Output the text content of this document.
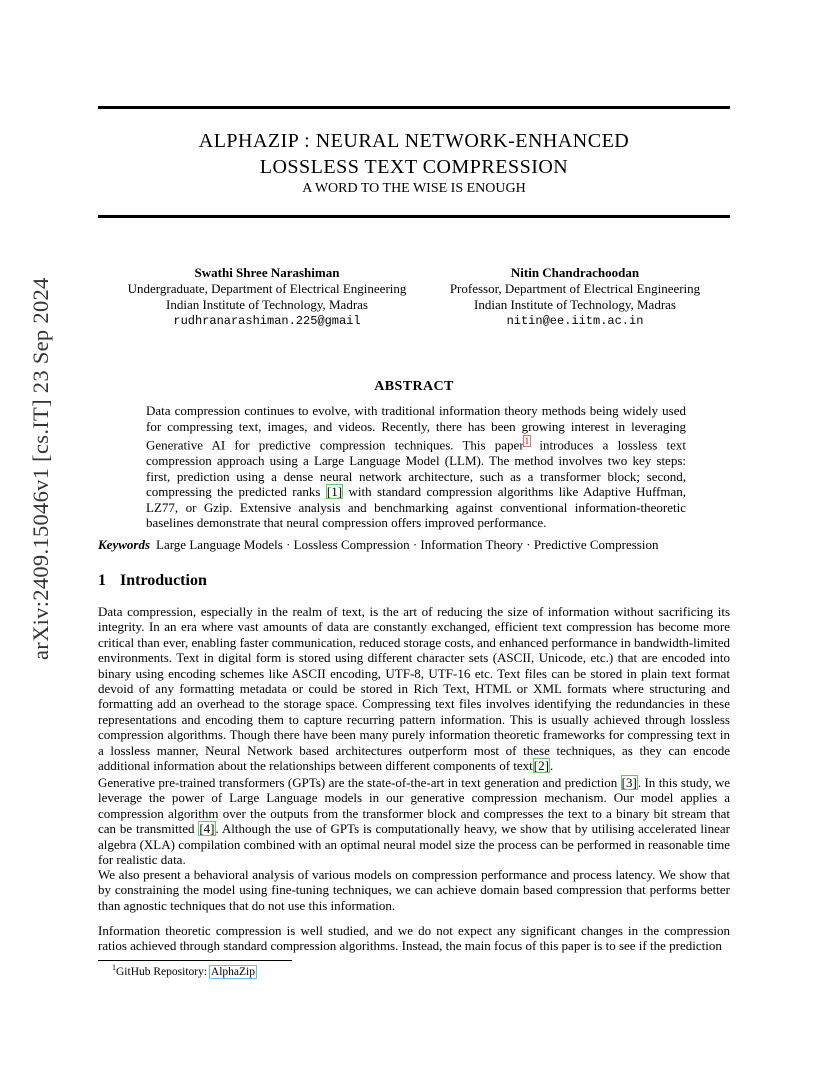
arXiv:2409.15046v1 [cs.IT] 23 Sep 2024
ALPHAZIP : NEURAL NETWORK-ENHANCED
LOSSLESS TEXT COMPRESSION
A WORD TO THE WISE IS ENOUGH
Swathi Shree Narashiman
Undergraduate, Department of Electrical Engineering
Indian Institute of Technology, Madras
rudhranarashiman.225@gmail
Nitin Chandrachoodan
Professor, Department of Electrical Engineering
Indian Institute of Technology, Madras
nitin@ee.iitm.ac.in
ABSTRACT
Data compression continues to evolve, with traditional information theory methods being widely used for compressing text, images, and videos. Recently, there has been growing interest in leveraging Generative AI for predictive compression techniques. This paper$^1$ introduces a lossless text compression approach using a Large Language Model (LLM). The method involves two key steps: first, prediction using a dense neural network architecture, such as a transformer block; second, compressing the predicted ranks [1] with standard compression algorithms like Adaptive Huffman, LZ77, or Gzip. Extensive analysis and benchmarking against conventional information-theoretic baselines demonstrate that neural compression offers improved performance.
Keywords Large Language Models · Lossless Compression · Information Theory · Predictive Compression
1 Introduction
Data compression, especially in the realm of text, is the art of reducing the size of information without sacrificing its integrity. In an era where vast amounts of data are constantly exchanged, efficient text compression has become more critical than ever, enabling faster communication, reduced storage costs, and enhanced performance in bandwidth-limited environments. Text in digital form is stored using different character sets (ASCII, Unicode, etc.) that are encoded into binary using encoding schemes like ASCII encoding, UTF-8, UTF-16 etc. Text files can be stored in plain text format devoid of any formatting metadata or could be stored in Rich Text, HTML or XML formats where structuring and formatting add an overhead to the storage space. Compressing text files involves identifying the redundancies in these representations and encoding them to capture recurring pattern information. This is usually achieved through lossless compression algorithms. Though there have been many purely information theoretic frameworks for compressing text in a lossless manner, Neural Network based architectures outperform most of these techniques, as they can encode additional information about the relationships between different components of text[2].
Generative pre-trained transformers (GPTs) are the state-of-the-art in text generation and prediction [3]. In this study, we leverage the power of Large Language models in our generative compression mechanism. Our model applies a compression algorithm over the outputs from the transformer block and compresses the text to a binary bit stream that can be transmitted [4]. Although the use of GPTs is computationally heavy, we show that by utilising accelerated linear algebra (XLA) compilation combined with an optimal neural model size the process can be performed in reasonable time for realistic data.
We also present a behavioral analysis of various models on compression performance and process latency. We show that by constraining the model using fine-tuning techniques, we can achieve domain based compression that performs better than agnostic techniques that do not use this information.
Information theoretic compression is well studied, and we do not expect any significant changes in the compression ratios achieved through standard compression algorithms. Instead, the main focus of this paper is to see if the prediction
$^1$GitHub Repository: AlphaZip
